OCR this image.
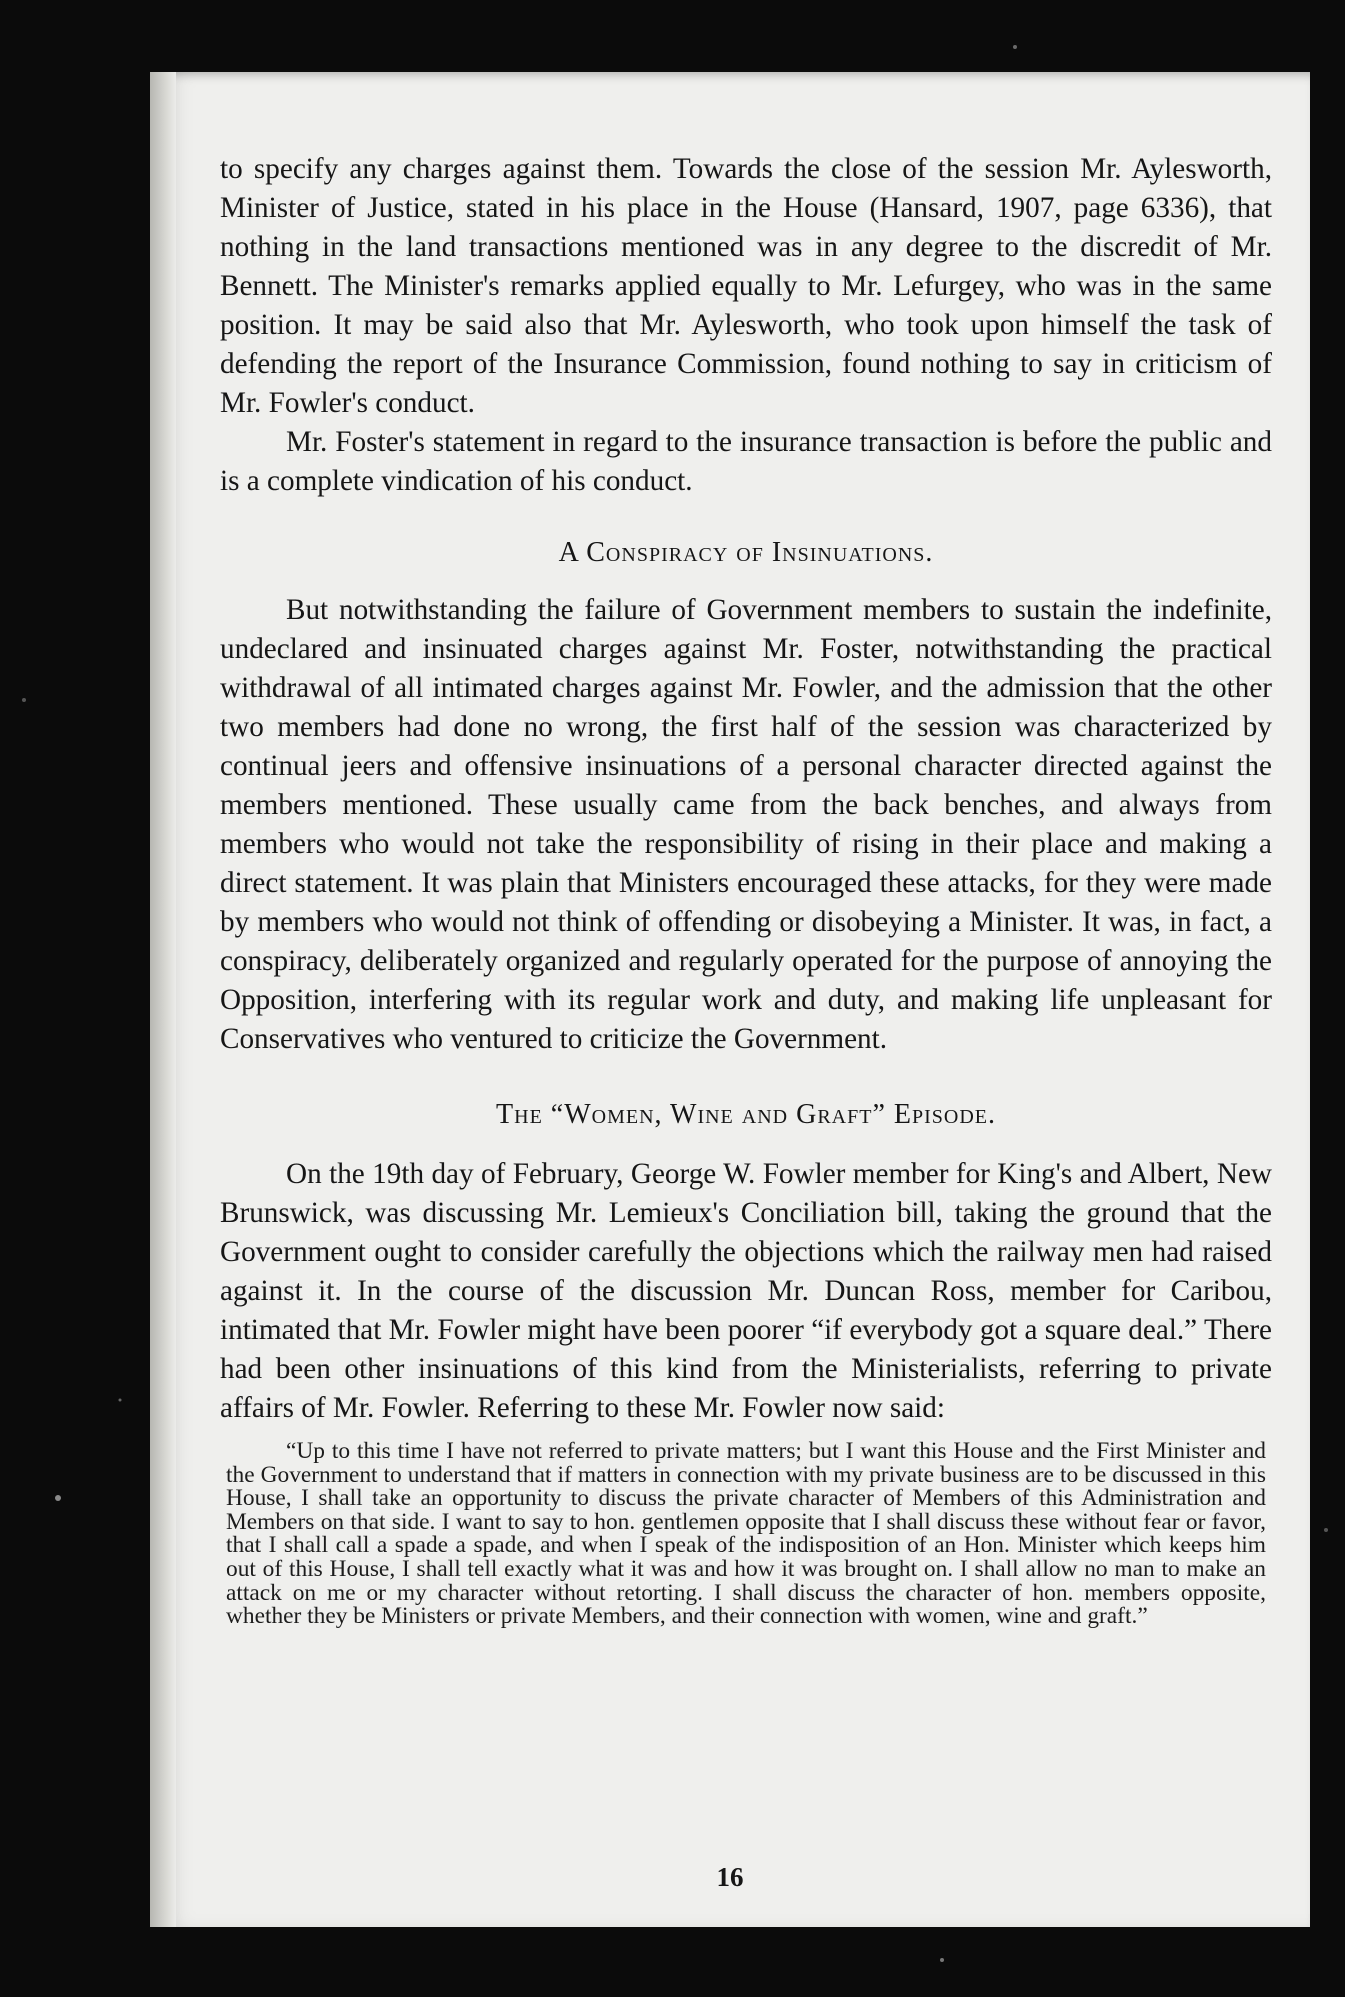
to specify any charges against them. Towards the close of the session Mr. Aylesworth, Minister of Justice, stated in his place in the House (Hansard, 1907, page 6336), that nothing in the land transactions mentioned was in any degree to the discredit of Mr. Bennett. The Minister's remarks applied equally to Mr. Lefurgey, who was in the same position. It may be said also that Mr. Aylesworth, who took upon himself the task of defending the report of the Insurance Commission, found nothing to say in criticism of Mr. Fowler's conduct.

Mr. Foster's statement in regard to the insurance transaction is before the public and is a complete vindication of his conduct.

A Conspiracy of Insinuations.

But notwithstanding the failure of Government members to sustain the indefinite, undeclared and insinuated charges against Mr. Foster, notwithstanding the practical withdrawal of all intimated charges against Mr. Fowler, and the admission that the other two members had done no wrong, the first half of the session was characterized by continual jeers and offensive insinuations of a personal character directed against the members mentioned. These usually came from the back benches, and always from members who would not take the responsibility of rising in their place and making a direct statement. It was plain that Ministers encouraged these attacks, for they were made by members who would not think of offending or disobeying a Minister. It was, in fact, a conspiracy, deliberately organized and regularly operated for the purpose of annoying the Opposition, interfering with its regular work and duty, and making life unpleasant for Conservatives who ventured to criticize the Government.

The “Women, Wine and Graft” Episode.

On the 19th day of February, George W. Fowler member for King's and Albert, New Brunswick, was discussing Mr. Lemieux's Conciliation bill, taking the ground that the Government ought to consider carefully the objections which the railway men had raised against it. In the course of the discussion Mr. Duncan Ross, member for Caribou, intimated that Mr. Fowler might have been poorer “if everybody got a square deal.” There had been other insinuations of this kind from the Ministerialists, referring to private affairs of Mr. Fowler. Referring to these Mr. Fowler now said:

“Up to this time I have not referred to private matters; but I want this House and the First Minister and the Government to understand that if matters in connection with my private business are to be discussed in this House, I shall take an opportunity to discuss the private character of Members of this Administration and Members on that side. I want to say to hon. gentlemen opposite that I shall discuss these without fear or favor, that I shall call a spade a spade, and when I speak of the indisposition of an Hon. Minister which keeps him out of this House, I shall tell exactly what it was and how it was brought on. I shall allow no man to make an attack on me or my character without retorting. I shall discuss the character of hon. members opposite, whether they be Ministers or private Members, and their connection with women, wine and graft.”

16
